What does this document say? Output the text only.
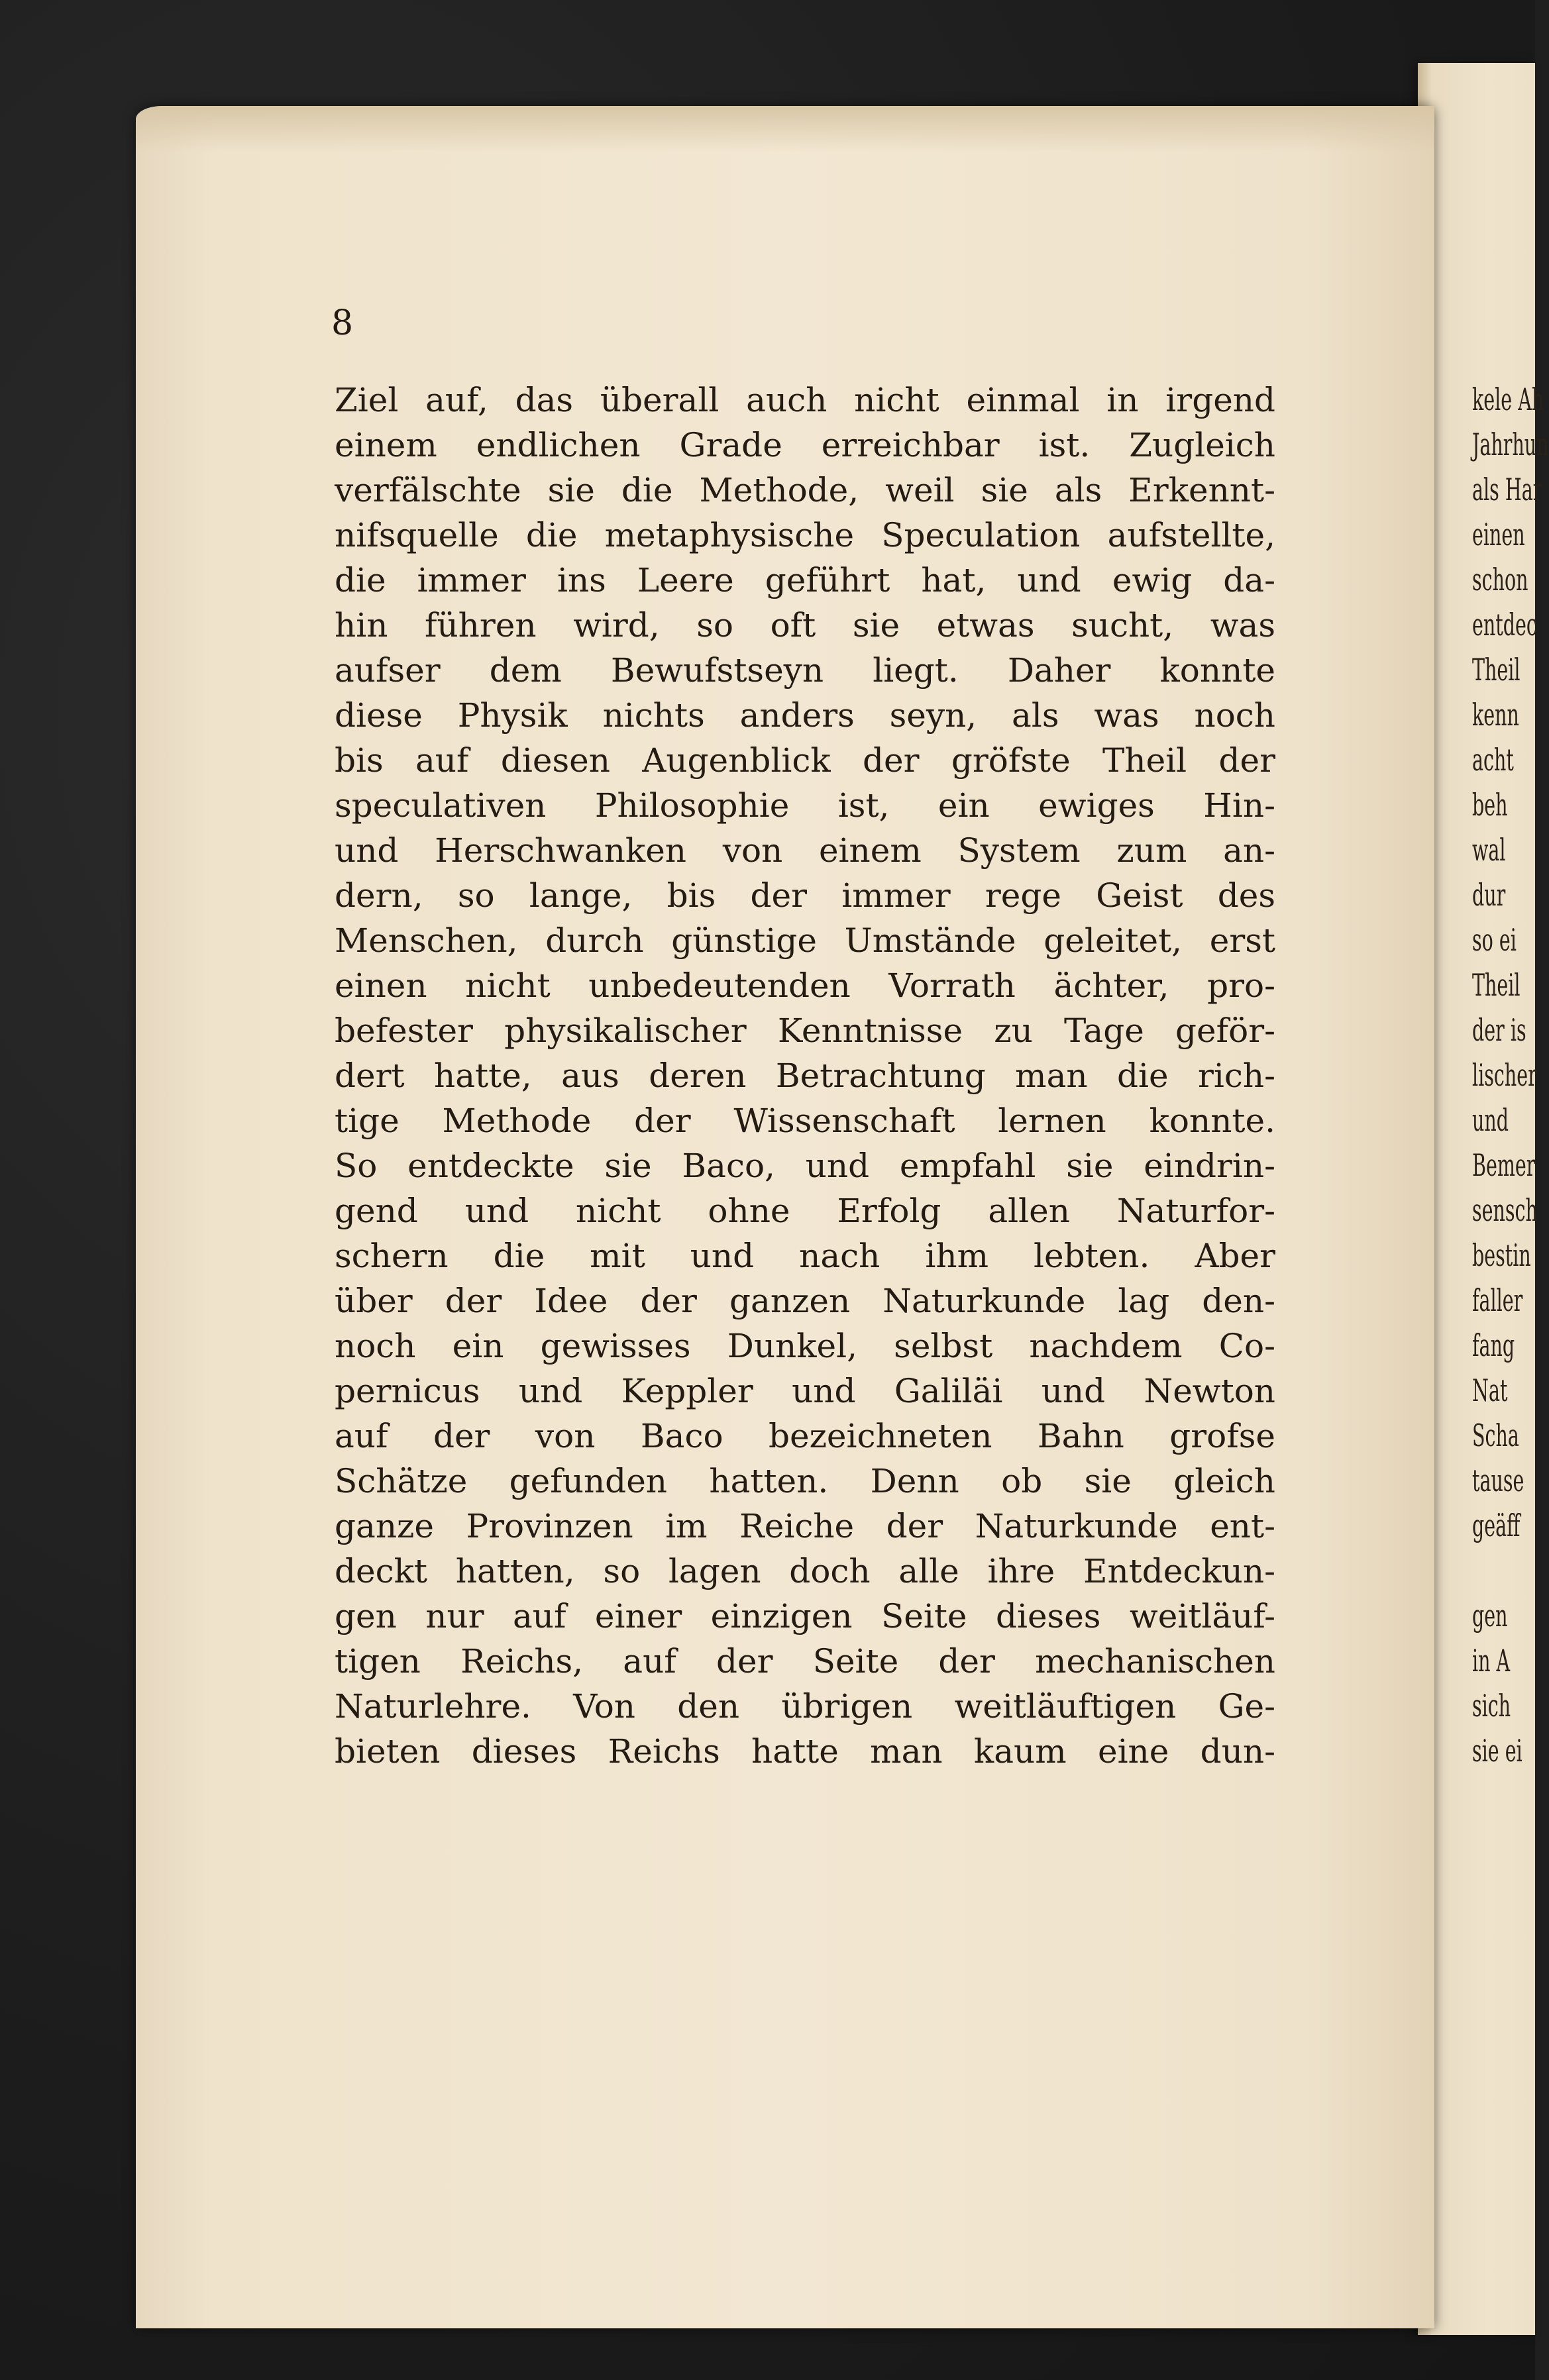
kele Ah
Jahrhun
als Har
einen
schon
entdec
Theil
kenn
acht
beh
wal
dur
so ei
Theil
der is
lischer
und
Bemer
sensch
bestin
faller
fang
Nat
Scha
tause
geäff
gen
in A
sich
sie ei
8
Ziel auf, das überall auch nicht einmal in irgend
einem endlichen Grade erreichbar ist. Zugleich
verfälschte sie die Methode, weil sie als Erkennt-
nifsquelle die metaphysische Speculation aufstellte,
die immer ins Leere geführt hat, und ewig da-
hin führen wird, so oft sie etwas sucht, was
aufser dem Bewufstseyn liegt. Daher konnte
diese Physik nichts anders seyn, als was noch
bis auf diesen Augenblick der gröfste Theil der
speculativen Philosophie ist, ein ewiges Hin-
und Herschwanken von einem System zum an-
dern, so lange, bis der immer rege Geist des
Menschen, durch günstige Umstände geleitet, erst
einen nicht unbedeutenden Vorrath ächter, pro-
befester physikalischer Kenntnisse zu Tage geför-
dert hatte, aus deren Betrachtung man die rich-
tige Methode der Wissenschaft lernen konnte.
So entdeckte sie Baco, und empfahl sie eindrin-
gend und nicht ohne Erfolg allen Naturfor-
schern die mit und nach ihm lebten. Aber
über der Idee der ganzen Naturkunde lag den-
noch ein gewisses Dunkel, selbst nachdem Co-
pernicus und Keppler und Galiläi und Newton
auf der von Baco bezeichneten Bahn grofse
Schätze gefunden hatten. Denn ob sie gleich
ganze Provinzen im Reiche der Naturkunde ent-
deckt hatten, so lagen doch alle ihre Entdeckun-
gen nur auf einer einzigen Seite dieses weitläuf-
tigen Reichs, auf der Seite der mechanischen
Naturlehre. Von den übrigen weitläuftigen Ge-
bieten dieses Reichs hatte man kaum eine dun-
